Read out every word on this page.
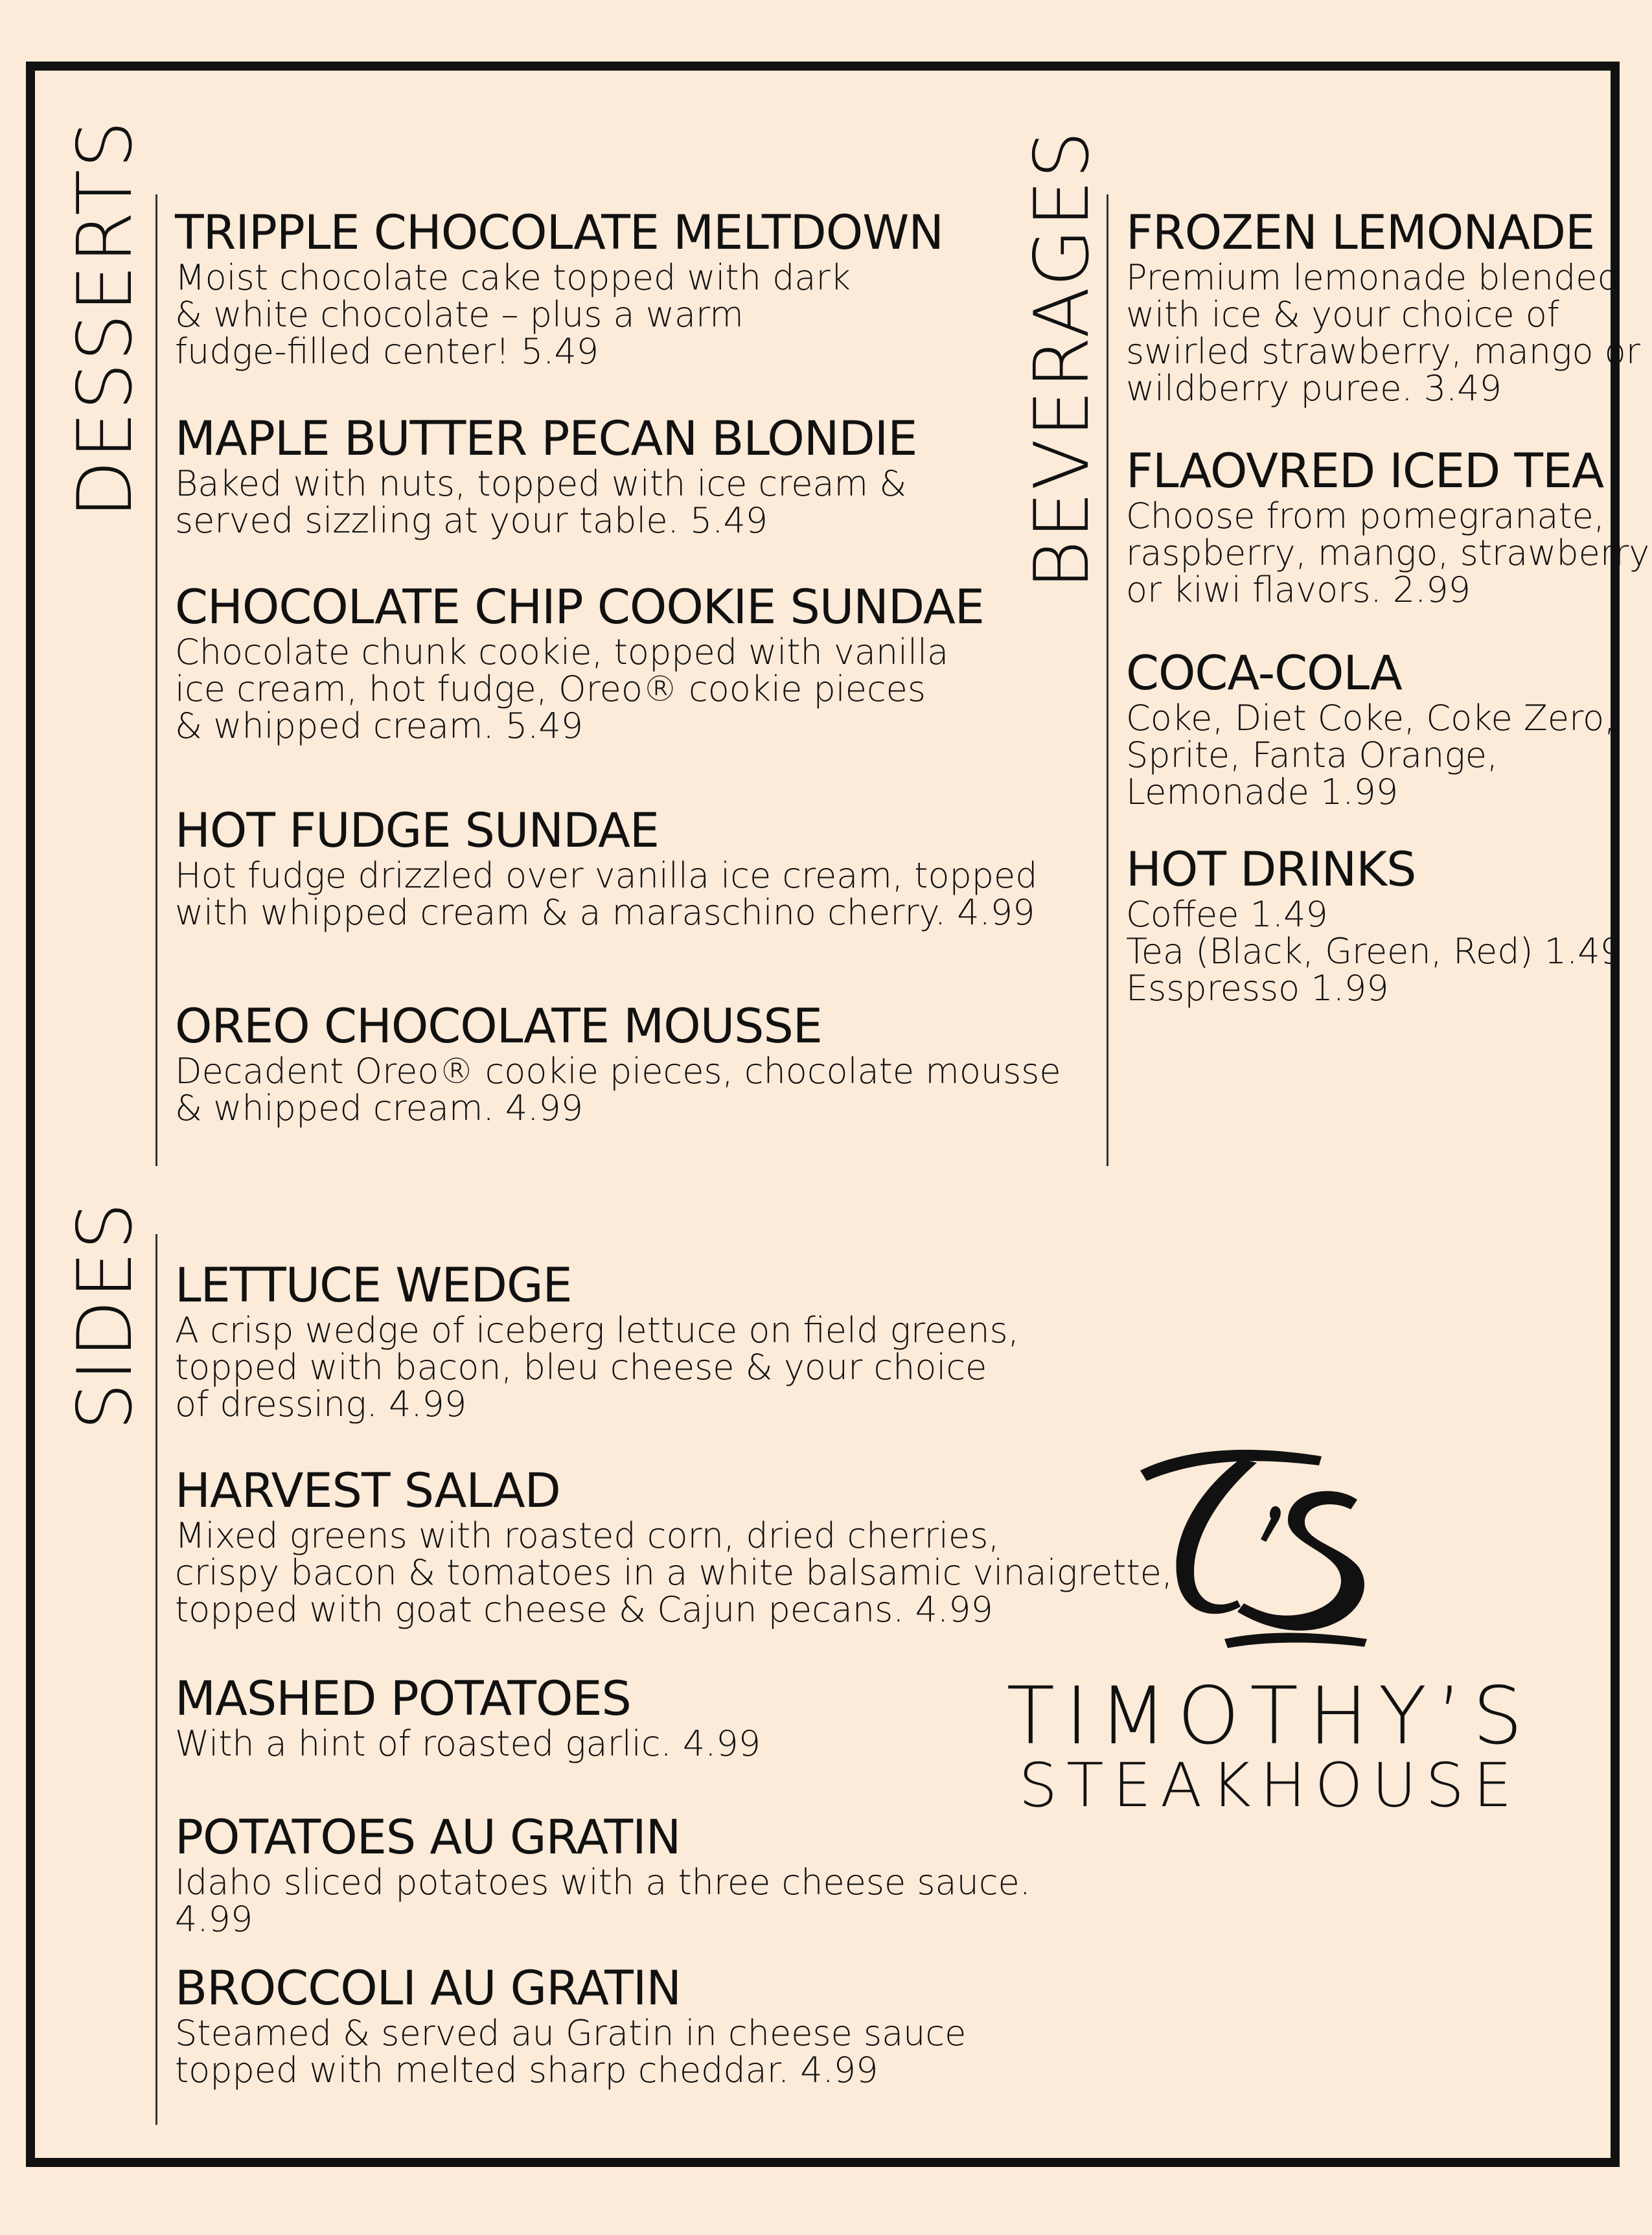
DESSERTS TRIPPLE CHOCOLATE MELTDOWN
Moist chocolate cake topped with dark
& white chocolate – plus a warm
fudge-filled center! 5.49
MAPLE BUTTER PECAN BLONDIE
Baked with nuts, topped with ice cream &
served sizzling at your table. 5.49
CHOCOLATE CHIP COOKIE SUNDAE
Chocolate chunk cookie, topped with vanilla
ice cream, hot fudge, Oreo® cookie pieces
& whipped cream. 5.49
HOT FUDGE SUNDAE
Hot fudge drizzled over vanilla ice cream, topped
with whipped cream & a maraschino cherry. 4.99
OREO CHOCOLATE MOUSSE
Decadent Oreo® cookie pieces, chocolate mousse
& whipped cream. 4.99
BEVERAGES FROZEN LEMONADE
Premium lemonade blended
with ice & your choice of
swirled strawberry, mango or
wildberry puree. 3.49
FLAOVRED ICED TEA
Choose from pomegranate,
raspberry, mango, strawberry
or kiwi flavors. 2.99
COCA-COLA
Coke, Diet Coke, Coke Zero,
Sprite, Fanta Orange,
Lemonade 1.99
HOT DRINKS
Coffee 1.49
Tea (Black, Green, Red) 1.49
Esspresso 1.99
SIDES LETTUCE WEDGE
A crisp wedge of iceberg lettuce on field greens,
topped with bacon, bleu cheese & your choice
of dressing. 4.99
HARVEST SALAD
Mixed greens with roasted corn, dried cherries,
crispy bacon & tomatoes in a white balsamic vinaigrette,
topped with goat cheese & Cajun pecans. 4.99
MASHED POTATOES
With a hint of roasted garlic. 4.99
POTATOES AU GRATIN
Idaho sliced potatoes with a three cheese sauce.
4.99
BROCCOLI AU GRATIN
Steamed & served au Gratin in cheese sauce
topped with melted sharp cheddar. 4.99
TIMOTHY’S
STEAKHOUSE
